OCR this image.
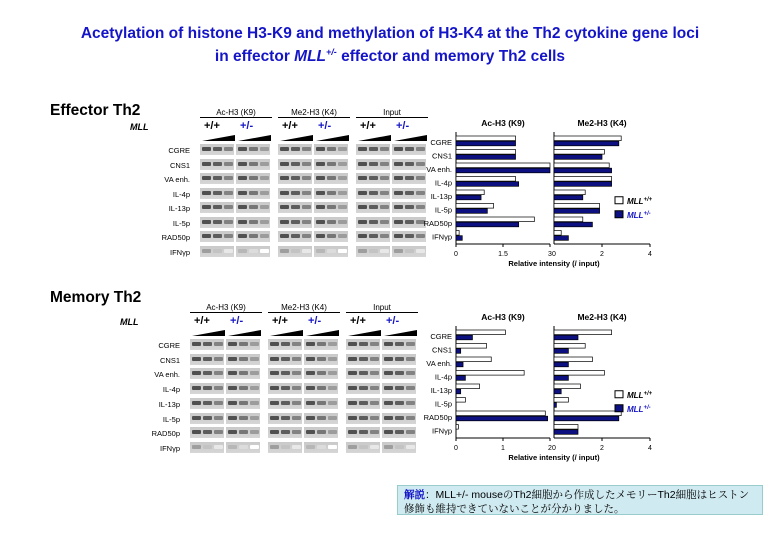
Acetylation of histone H3-K9 and methylation of H3-K4 at the Th2 cytokine gene loci
in effector MLL+/- effector and memory Th2 cells
Effector Th2
Memory Th2
Ac-H3 (K9)	Me2-H3 (K4)	Input
MLL	+/+ +/-	+/+ +/-	+/+ +/-
CGRE
CNS1
VA enh.
IL-4p
IL-13p
IL-5p
RAD50p
IFNγp
Ac-H3 (K9)	Me2-H3 (K4)	Input
MLL	+/+ +/-	+/+ +/-	+/+ +/-
CGRE
CNS1
VA enh.
IL-4p
IL-13p
IL-5p
RAD50p
IFNγp
CGRE
CNS1
VA enh.
IL-4p
IL-13p
IL-5p
RAD50p
IFNγp
Ac-H3 (K9)
0	1.5	3
Me2-H3 (K4)
2	4
0
Relative intensity (/ input)
MLL+/+
MLL+/-
CGRE
CNS1
VA enh.
IL-4p
IL-13p
IL-5p
RAD50p
IFNγp
Ac-H3 (K9)
0	1	2
Me2-H3 (K4)
2	4
0
Relative intensity (/ input)
MLL+/+
MLL+/-
解説：MLL+/- mouseのTh2細胞から作成したメモリーTh2細胞はヒストン修飾も維持できていないことが分かりました。
